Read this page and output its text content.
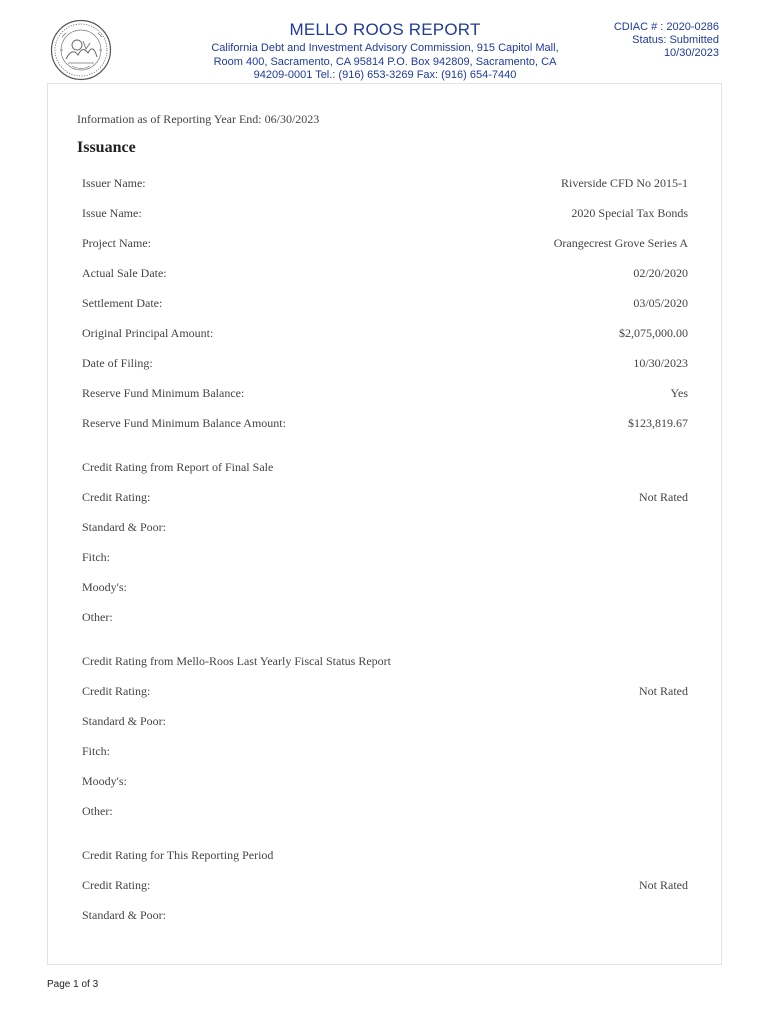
MELLO ROOS REPORT
California Debt and Investment Advisory Commission, 915 Capitol Mall,
Room 400, Sacramento, CA 95814 P.O. Box 942809, Sacramento, CA
94209-0001 Tel.: (916) 653-3269 Fax: (916) 654-7440
CDIAC # : 2020-0286
Status: Submitted
10/30/2023
Information as of Reporting Year End: 06/30/2023
Issuance
Issuer Name:	Riverside CFD No 2015-1
Issue Name:	2020 Special Tax Bonds
Project Name:	Orangecrest Grove Series A
Actual Sale Date:	02/20/2020
Settlement Date:	03/05/2020
Original Principal Amount:	$2,075,000.00
Date of Filing:	10/30/2023
Reserve Fund Minimum Balance:	Yes
Reserve Fund Minimum Balance Amount:	$123,819.67
Credit Rating from Report of Final Sale
Credit Rating:	Not Rated
Standard & Poor:
Fitch:
Moody's:
Other:
Credit Rating from Mello-Roos Last Yearly Fiscal Status Report
Credit Rating:	Not Rated
Standard & Poor:
Fitch:
Moody's:
Other:
Credit Rating for This Reporting Period
Credit Rating:	Not Rated
Standard & Poor:
Page 1 of 3
